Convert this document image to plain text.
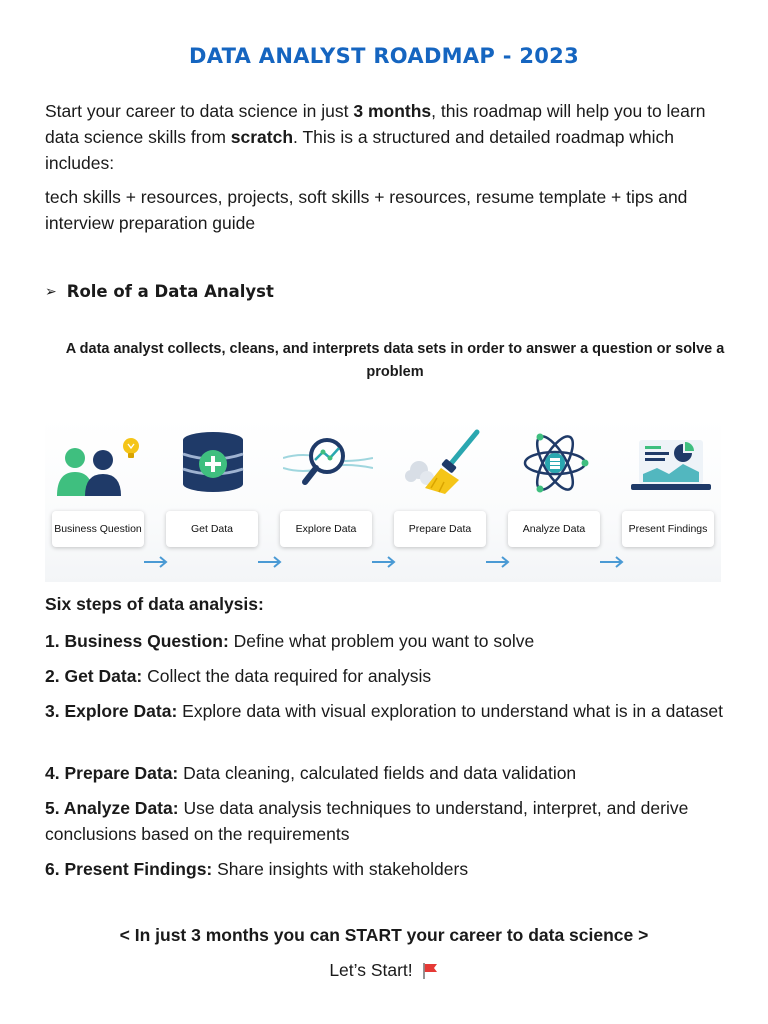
DATA ANALYST ROADMAP - 2023
Start your career to data science in just 3 months, this roadmap will help you to learn data science skills from scratch. This is a structured and detailed roadmap which includes:
tech skills + resources, projects, soft skills + resources, resume template + tips and interview preparation guide
➢ Role of a Data Analyst
A data analyst collects, cleans, and interprets data sets in order to answer a question or solve a problem
Business Question	Get Data	Explore Data	Prepare Data	Analyze Data	Present Findings
Six steps of data analysis:
1. Business Question: Define what problem you want to solve
2. Get Data: Collect the data required for analysis
3. Explore Data: Explore data with visual exploration to understand what is in a dataset
4. Prepare Data: Data cleaning, calculated fields and data validation
5. Analyze Data: Use data analysis techniques to understand, interpret, and derive conclusions based on the requirements
6. Present Findings: Share insights with stakeholders
< In just 3 months you can START your career to data science >
Let’s Start!
